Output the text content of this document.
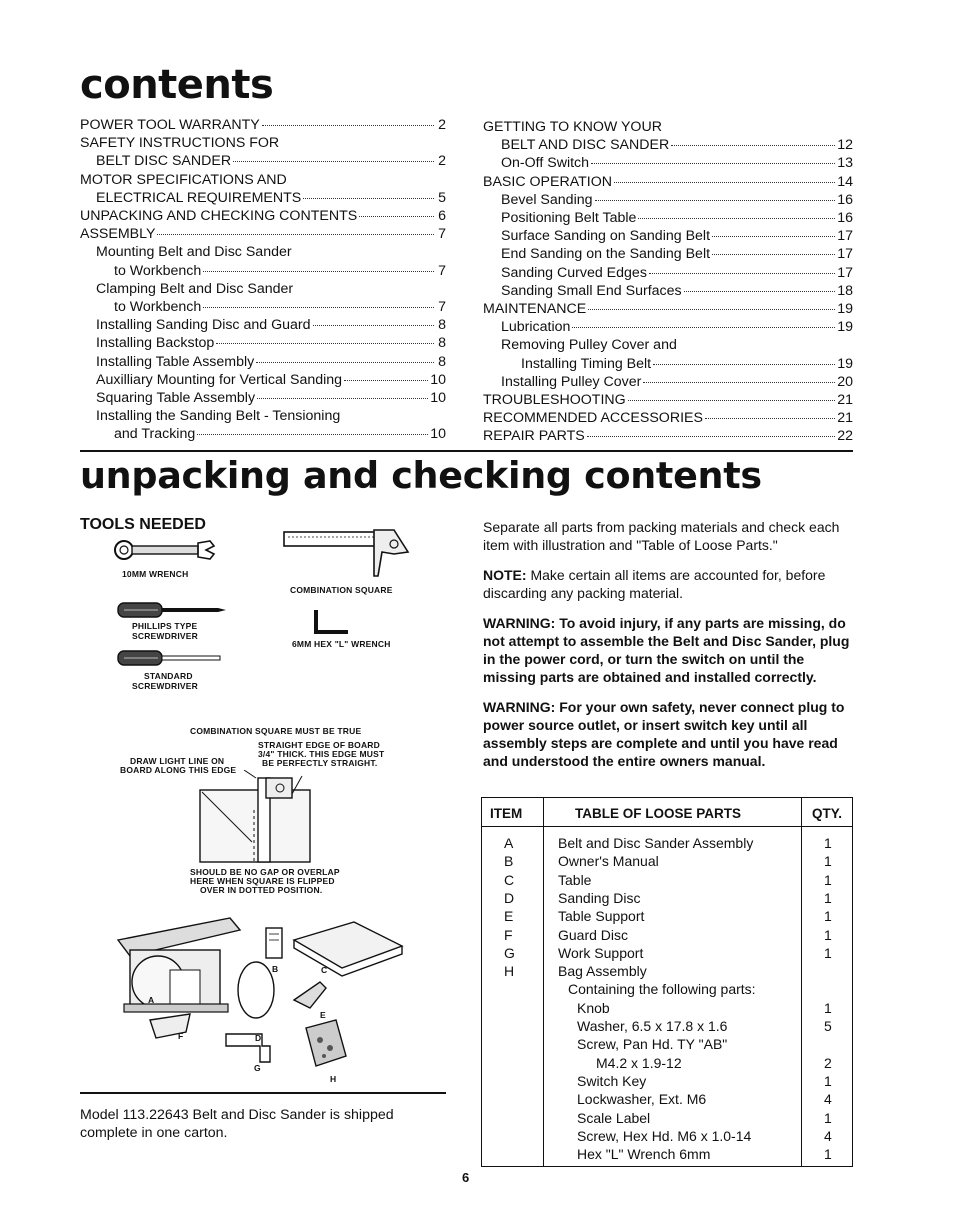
contents
POWER TOOL WARRANTY	2
SAFETY INSTRUCTIONS FOR
BELT DISC SANDER	2
MOTOR SPECIFICATIONS AND
ELECTRICAL REQUIREMENTS	5
UNPACKING AND CHECKING CONTENTS	6
ASSEMBLY	7
Mounting Belt and Disc Sander
to Workbench	7
Clamping Belt and Disc Sander
to Workbench	7
Installing Sanding Disc and Guard	8
Installing Backstop	8
Installing Table Assembly	8
Auxilliary Mounting for Vertical Sanding	10
Squaring Table Assembly	10
Installing the Sanding Belt - Tensioning
and Tracking	10
GETTING TO KNOW YOUR
BELT AND DISC SANDER	12
On-Off Switch	13
BASIC OPERATION	14
Bevel Sanding	16
Positioning Belt Table	16
Surface Sanding on Sanding Belt	17
End Sanding on the Sanding Belt	17
Sanding Curved Edges	17
Sanding Small End Surfaces	18
MAINTENANCE	19
Lubrication	19
Removing Pulley Cover and
Installing Timing Belt	19
Installing Pulley Cover	20
TROUBLESHOOTING	21
RECOMMENDED ACCESSORIES	21
REPAIR PARTS	22
unpacking and checking contents
TOOLS NEEDED
10MM WRENCH
COMBINATION SQUARE
PHILLIPS TYPE
SCREWDRIVER
6MM HEX "L" WRENCH
STANDARD
SCREWDRIVER
COMBINATION SQUARE MUST BE TRUE
STRAIGHT EDGE OF BOARD
3/4" THICK. THIS EDGE MUST
BE PERFECTLY STRAIGHT.
DRAW LIGHT LINE ON
BOARD ALONG THIS EDGE
SHOULD BE NO GAP OR OVERLAP
HERE WHEN SQUARE IS FLIPPED
OVER IN DOTTED POSITION.
A
B	C
D
E
F
G
H

Model 113.22643 Belt and Disc Sander is shipped complete in one carton.

Separate all parts from packing materials and check each item with illustration and "Table of Loose Parts."

NOTE: Make certain all items are accounted for, before discarding any packing material.

WARNING: To avoid injury, if any parts are missing, do not attempt to assemble the Belt and Disc Sander, plug in the power cord, or turn the switch on until the missing parts are obtained and installed correctly.

WARNING: For your own safety, never connect plug to power source outlet, or insert switch key until all assembly steps are complete and until you have read and understood the entire owners manual.

ITEM	TABLE OF LOOSE PARTS	QTY.
A	Belt and Disc Sander Assembly	1
B	Owner's Manual	1
C	Table	1
D	Sanding Disc	1
E	Table Support	1
F	Guard Disc	1
G	Work Support	1
H	Bag Assembly
Containing the following parts:
Knob	1
Washer, 6.5 x 17.8 x 1.6	5
Screw, Pan Hd. TY "AB"
M4.2 x 1.9-12	2
Switch Key	1
Lockwasher, Ext. M6	4
Scale Label	1
Screw, Hex Hd. M6 x 1.0-14	4
Hex "L" Wrench 6mm	1
6
